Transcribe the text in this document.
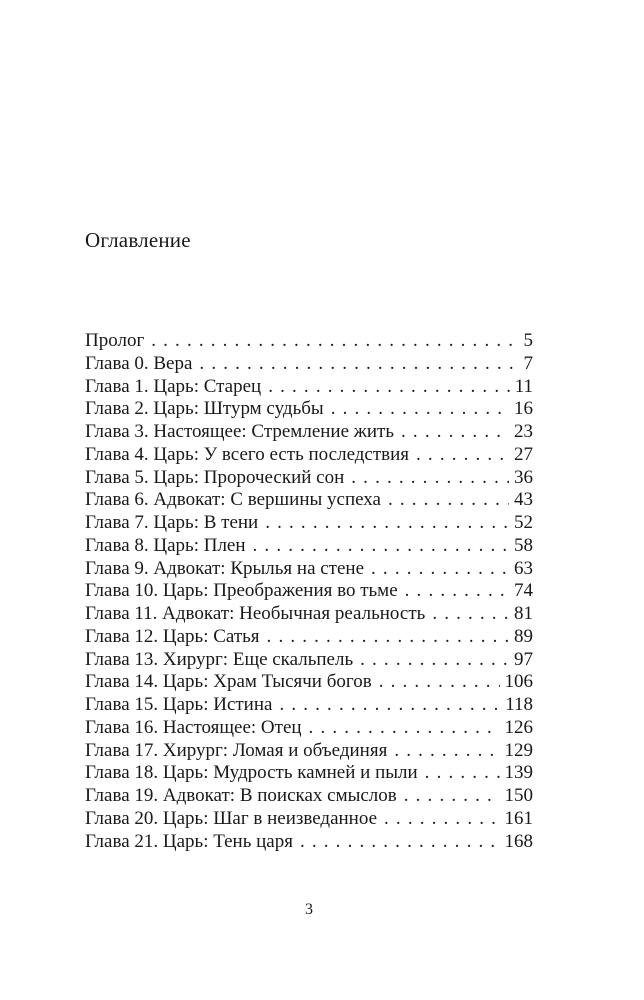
Оглавление
Пролог . . .	5
Глава 0. Вера . . .	7
Глава 1. Царь: Старец . . .	11
Глава 2. Царь: Штурм судьбы . . .	16
Глава 3. Настоящее: Стремление жить . . .	23
Глава 4. Царь: У всего есть последствия . . .	27
Глава 5. Царь: Пророческий сон . . .	36
Глава 6. Адвокат: С вершины успеха . . .	43
Глава 7. Царь: В тени . . .	52
Глава 8. Царь: Плен . . .	58
Глава 9. Адвокат: Крылья на стене . . .	63
Глава 10. Царь: Преображения во тьме . . .	74
Глава 11. Адвокат: Необычная реальность . . .	81
Глава 12. Царь: Сатья . . .	89
Глава 13. Хирург: Еще скальпель . . .	97
Глава 14. Царь: Храм Тысячи богов . . .	106
Глава 15. Царь: Истина . . .	118
Глава 16. Настоящее: Отец . . .	126
Глава 17. Хирург: Ломая и объединяя . . .	129
Глава 18. Царь: Мудрость камней и пыли . . .	139
Глава 19. Адвокат: В поисках смыслов . . .	150
Глава 20. Царь: Шаг в неизведанное . . .	161
Глава 21. Царь: Тень царя . . .	168
3
